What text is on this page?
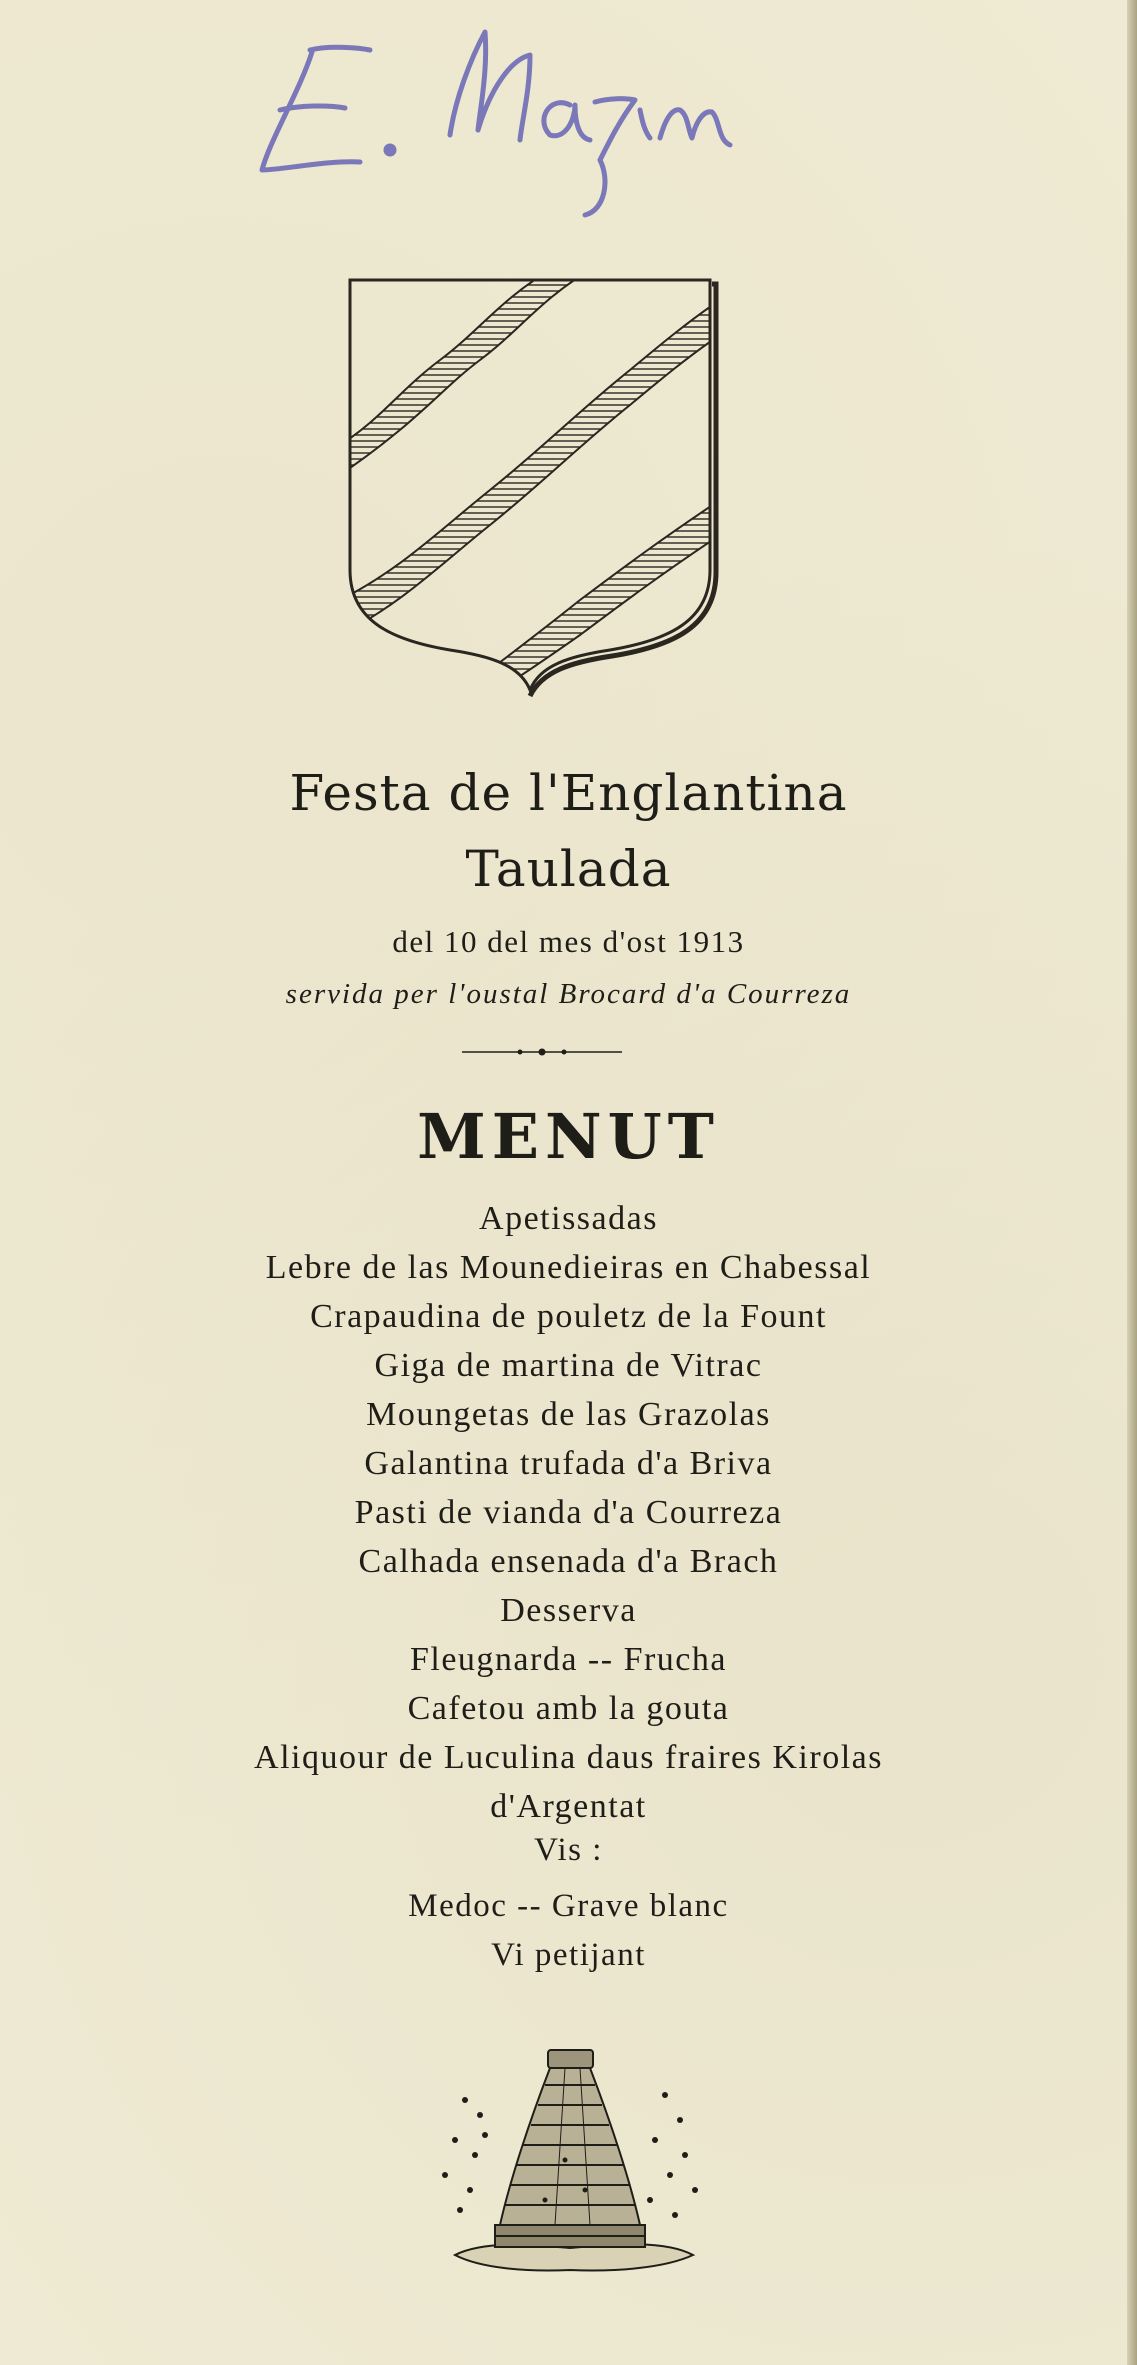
Festa de l'Englantina
Taulada
del 10 del mes d'ost 1913
servida per l'oustal Brocard d'a Courreza
MENUT
Apetissadas
Lebre de las Mounedieiras en Chabessal
Crapaudina de pouletz de la Fount
Giga de martina de Vitrac
Moungetas de las Grazolas
Galantina trufada d'a Briva
Pasti de vianda d'a Courreza
Calhada ensenada d'a Brach
Desserva
Fleugnarda -- Frucha
Cafetou amb la gouta
Aliquour de Luculina daus fraires Kirolas
d'Argentat
Vis :
Medoc -- Grave blanc
Vi petijant
